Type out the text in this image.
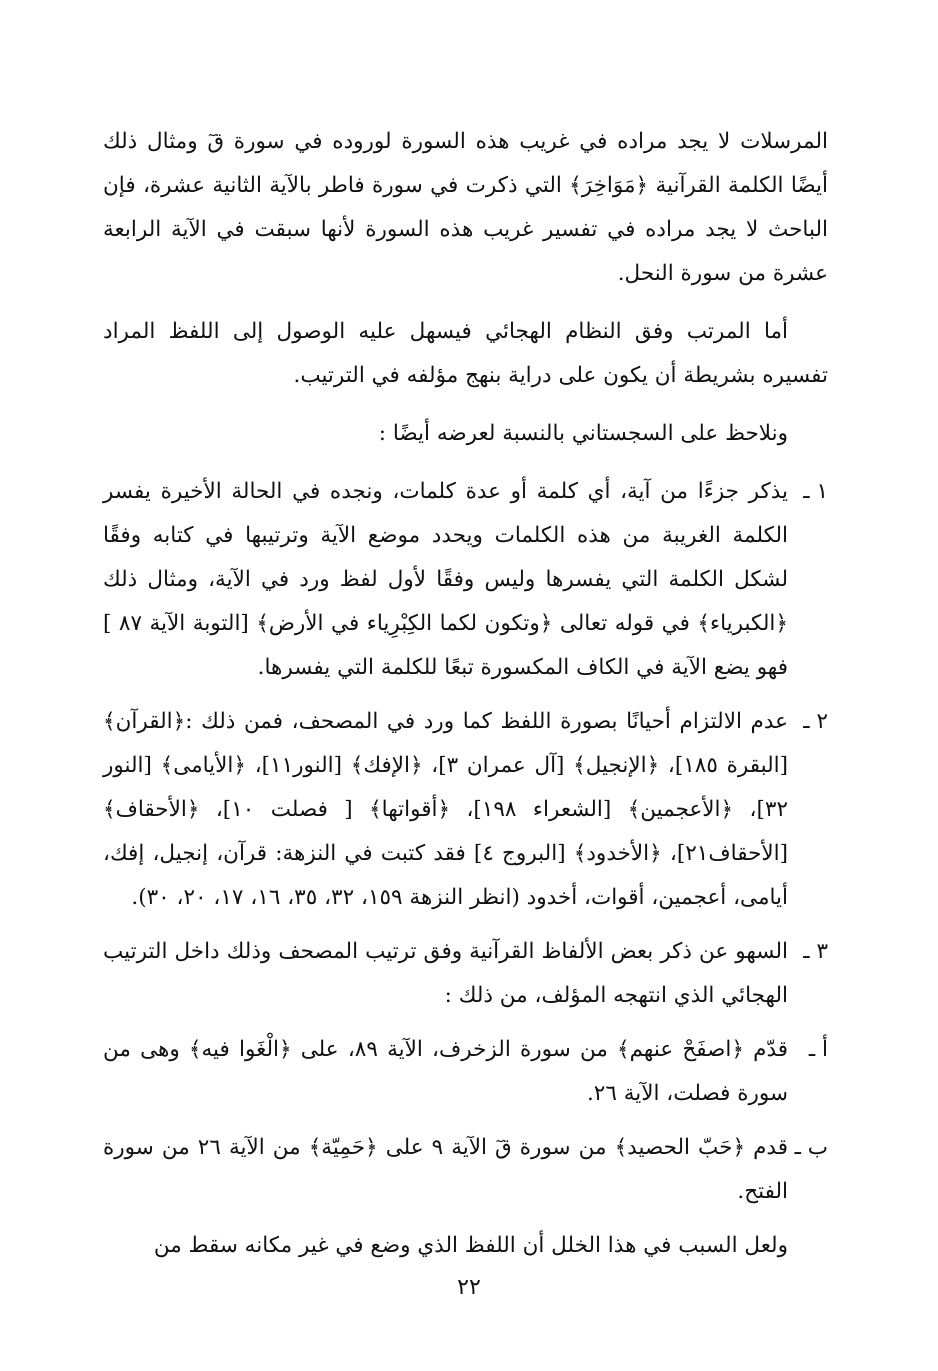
المرسلات لا يجد مراده في غريب هذه السورة لوروده في سورة قٓ ومثال ذلك أيضًا الكلمة القرآنية ﴿مَوَاخِرَ﴾ التي ذكرت في سورة فاطر بالآية الثانية عشرة، فإن الباحث لا يجد مراده في تفسير غريب هذه السورة لأنها سبقت في الآية الرابعة عشرة من سورة النحل.

أما المرتب وفق النظام الهجائي فيسهل عليه الوصول إلى اللفظ المراد تفسيره بشريطة أن يكون على دراية بنهج مؤلفه في الترتيب.

ونلاحظ على السجستاني بالنسبة لعرضه أيضًا :

١ ـ
يذكر جزءًا من آية، أي كلمة أو عدة كلمات، ونجده في الحالة الأخيرة يفسر الكلمة الغريبة من هذه الكلمات ويحدد موضع الآية وترتيبها في كتابه وفقًا لشكل الكلمة التي يفسرها وليس وفقًا لأول لفظ ورد في الآية، ومثال ذلك ﴿الكبرياء﴾ في قوله تعالى ﴿وتكون لكما الكِبْرِياء في الأرض﴾ [التوبة الآية ٨٧ ] فهو يضع الآية في الكاف المكسورة تبعًا للكلمة التي يفسرها.
٢ ـ
عدم الالتزام أحيانًا بصورة اللفظ كما ورد في المصحف، فمن ذلك :﴿القرآن﴾ [البقرة ١٨٥]، ﴿الإنجيل﴾ [آل عمران ٣]، ﴿الإفك﴾ [النور١١]، ﴿الأيامى﴾ [النور ٣٢]، ﴿الأعجمين﴾ [الشعراء ١٩٨]، ﴿أقواتها﴾ [ فصلت ١٠]، ﴿الأحقاف﴾ [الأحقاف٢١]، ﴿الأخدود﴾ [البروج ٤] فقد كتبت في النزهة: قرآن، إنجيل، إفك، أيامى، أعجمين، أقوات، أخدود (انظر النزهة ١٥٩، ٣٢، ٣٥، ١٦، ١٧، ٢٠، ٣٠).
٣ ـ
السهو عن ذكر بعض الألفاظ القرآنية وفق ترتيب المصحف وذلك داخل الترتيب الهجائي الذي انتهجه المؤلف، من ذلك :
أ ـ
قدّم ﴿اصفَحْ عنهم﴾ من سورة الزخرف، الآية ٨٩، على ﴿الْغَوا فيه﴾ وهى من سورة فصلت، الآية ٢٦.
ب ـ
قدم ﴿حَبّ الحصيد﴾ من سورة قٓ الآية ٩ على ﴿حَمِيّة﴾ من الآية ٢٦ من سورة الفتح.

ولعل السبب في هذا الخلل أن اللفظ الذي وضع في غير مكانه سقط من

٢٢
